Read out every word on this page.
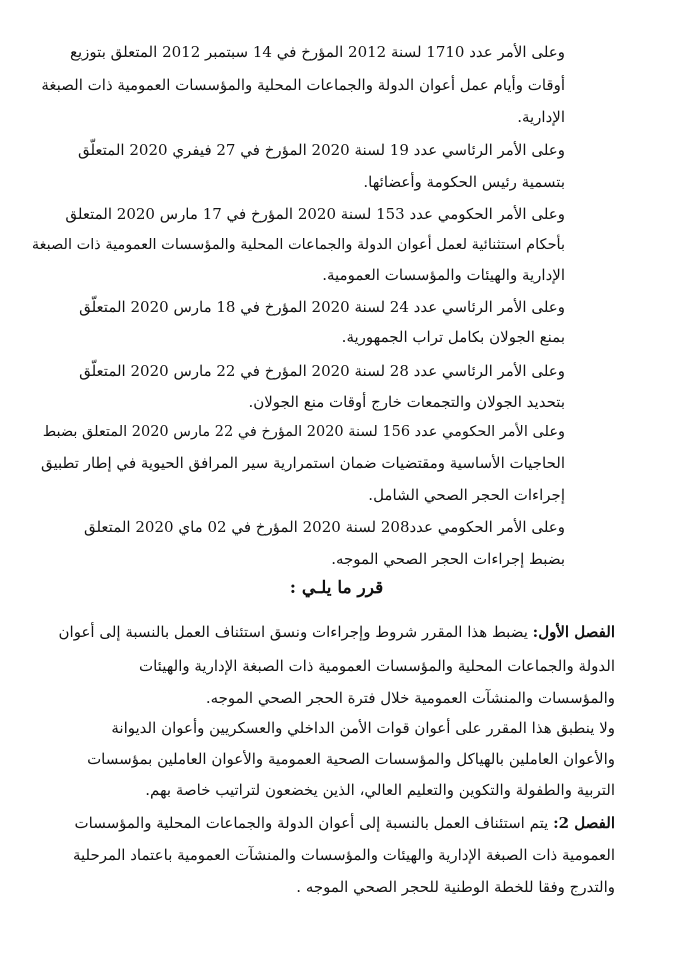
وعلى الأمر عدد 1710 لسنة 2012 المؤرخ في 14 سبتمبر 2012 المتعلق بتوزيع
أوقات وأيام عمل أعوان الدولة والجماعات المحلية والمؤسسات العمومية ذات الصبغة
الإدارية.
وعلى الأمر الرئاسي عدد 19 لسنة 2020 المؤرخ في 27 فيفري 2020 المتعلّق
بتسمية رئيس الحكومة وأعضائها.
وعلى الأمر الحكومي عدد 153 لسنة 2020 المؤرخ في 17 مارس 2020 المتعلق
بأحكام استثنائية لعمل أعوان الدولة والجماعات المحلية والمؤسسات العمومية ذات الصبغة
الإدارية والهيئات والمؤسسات العمومية.
وعلى الأمر الرئاسي عدد 24 لسنة 2020 المؤرخ في 18 مارس 2020 المتعلّق
بمنع الجولان بكامل تراب الجمهورية.
وعلى الأمر الرئاسي عدد 28 لسنة 2020 المؤرخ في 22 مارس 2020 المتعلّق
بتحديد الجولان والتجمعات خارج أوقات منع الجولان.
وعلى الأمر الحكومي عدد 156 لسنة 2020 المؤرخ في 22 مارس 2020 المتعلق بضبط
الحاجيات الأساسية ومقتضيات ضمان استمرارية سير المرافق الحيوية في إطار تطبيق
إجراءات الحجر الصحي الشامل.
وعلى الأمر الحكومي عدد208 لسنة 2020 المؤرخ في 02 ماي 2020 المتعلق
بضبط إجراءات الحجر الصحي الموجه.
قرر ما يلـي :
الفصل الأول: يضبط هذا المقرر شروط وإجراءات ونسق استئناف العمل بالنسبة إلى أعوان
الدولة والجماعات المحلية والمؤسسات العمومية ذات الصبغة الإدارية والهيئات
والمؤسسات والمنشآت العمومية خلال فترة الحجر الصحي الموجه.
ولا ينطبق هذا المقرر على أعوان قوات الأمن الداخلي والعسكريين وأعوان الديوانة
والأعوان العاملين بالهياكل والمؤسسات الصحية العمومية والأعوان العاملين بمؤسسات
التربية والطفولة والتكوين والتعليم العالي، الذين يخضعون لتراتيب خاصة بهم.
الفصل 2: يتم استئناف العمل بالنسبة إلى أعوان الدولة والجماعات المحلية والمؤسسات
العمومية ذات الصبغة الإدارية والهيئات والمؤسسات والمنشآت العمومية باعتماد المرحلية
والتدرج وفقا للخطة الوطنية للحجر الصحي الموجه .
